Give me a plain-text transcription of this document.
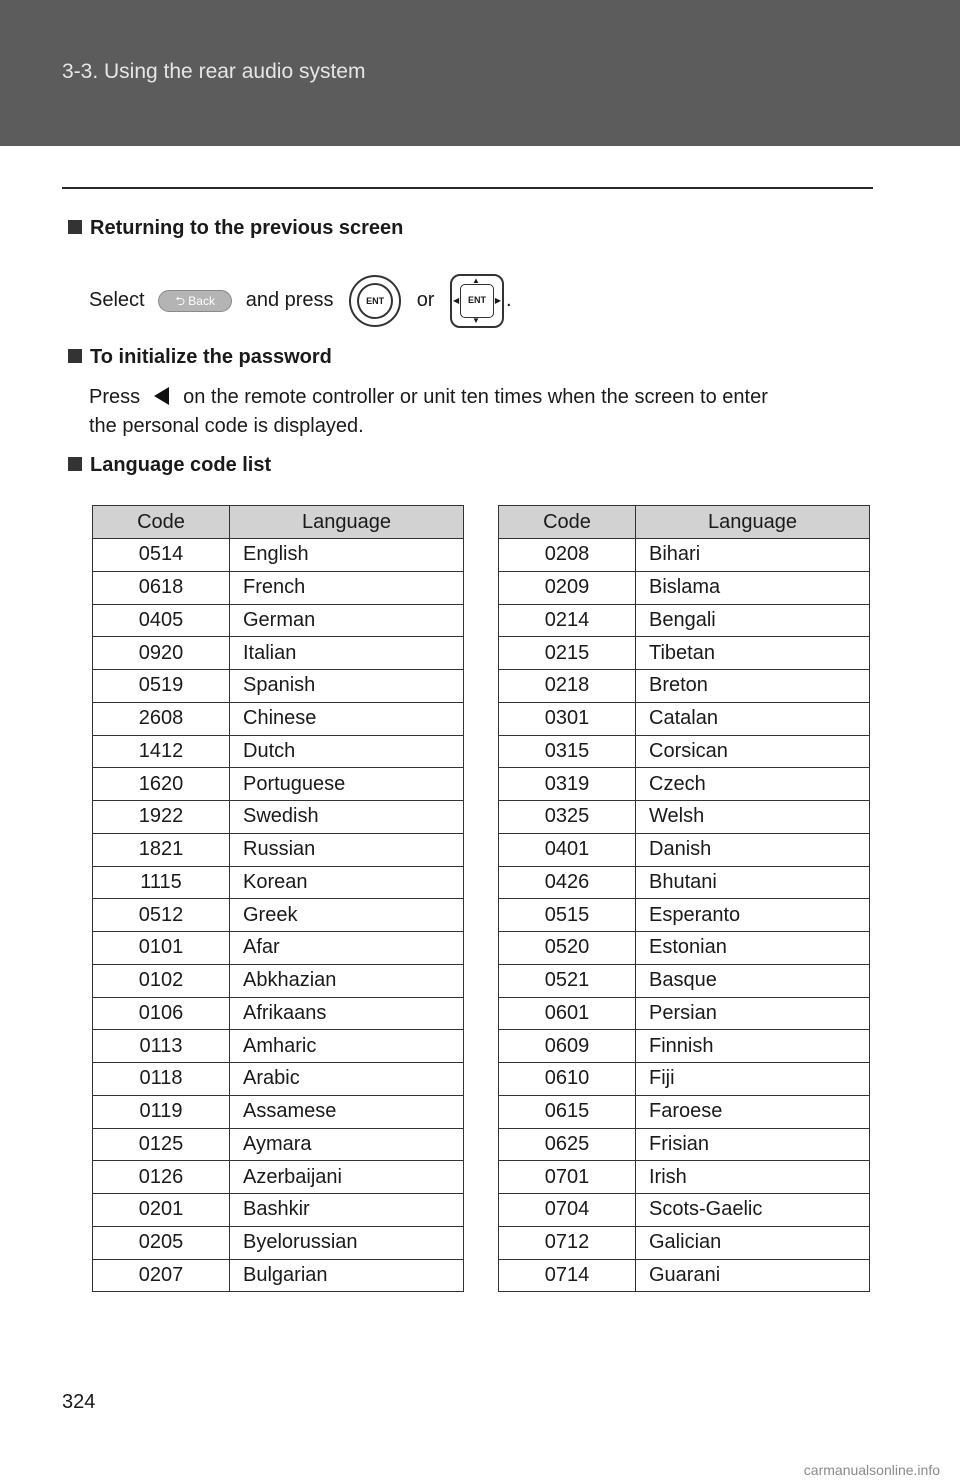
3-3. Using the rear audio system
Returning to the previous screen
Select	⮌ Back and press	ENT	or
▲
▼
◀	▶
ENT	.
To initialize the password
Press on the remote controller or unit ten times when the screen to enter
the personal code is displayed.
Language code list
Code	Language
0514	English
0618	French
0405	German
0920	Italian
0519	Spanish
2608	Chinese
1412	Dutch
1620	Portuguese
1922	Swedish
1821	Russian
1115	Korean
0512	Greek
0101	Afar
0102	Abkhazian
0106	Afrikaans
0113	Amharic
0118	Arabic
0119	Assamese
0125	Aymara
0126	Azerbaijani
0201	Bashkir
0205	Byelorussian
0207	Bulgarian
Code	Language
0208	Bihari
0209	Bislama
0214	Bengali
0215	Tibetan
0218	Breton
0301	Catalan
0315	Corsican
0319	Czech
0325	Welsh
0401	Danish
0426	Bhutani
0515	Esperanto
0520	Estonian
0521	Basque
0601	Persian
0609	Finnish
0610	Fiji
0615	Faroese
0625	Frisian
0701	Irish
0704	Scots-Gaelic
0712	Galician
0714	Guarani
324
carmanualsonline.info
